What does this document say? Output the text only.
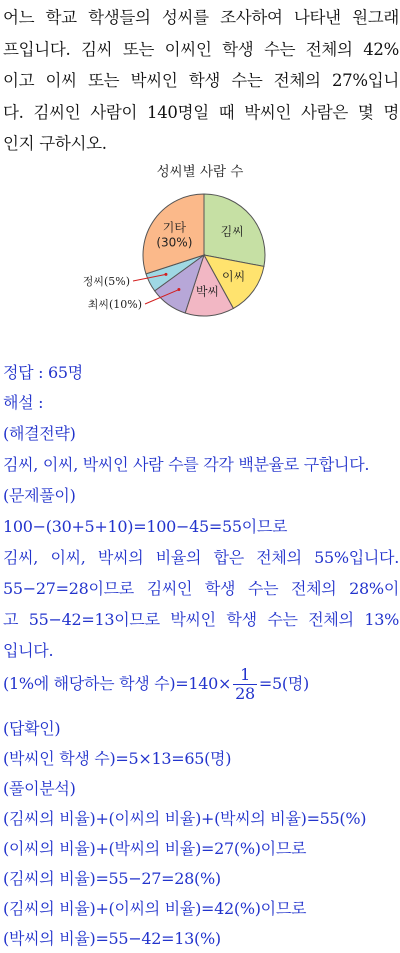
어느 학교 학생들의 성씨를 조사하여 나타낸 원그래
프입니다. 김씨 또는 이씨인 학생 수는 전체의 42%
이고 이씨 또는 박씨인 학생 수는 전체의 27%입니
다. 김씨인 사람이 140명일 때 박씨인 사람은 몇 명
인지 구하시오.
성씨별 사람 수
김씨
이씨
박씨
기타
(30%)
최씨(10%)
정씨(5%)
정답 : 65명
해설 :
(해결전략)
김씨, 이씨, 박씨인 사람 수를 각각 백분율로 구합니다.
(문제풀이)
100−(30+5+10)=100−45=55이므로
김씨, 이씨, 박씨의 비율의 합은 전체의 55%입니다.
55−27=28이므로 김씨인 학생 수는 전체의 28%이
고 55−42=13이므로 박씨인 학생 수는 전체의 13%
입니다.
(1%에 해당하는 학생 수)$=140\times \frac{1}{28} =5$(명)
(답확인)
(박씨인 학생 수)=5×13=65(명)
(풀이분석)
(김씨의 비율)+(이씨의 비율)+(박씨의 비율)=55(%)
(이씨의 비율)+(박씨의 비율)=27(%)이므로
(김씨의 비율)=55−27=28(%)
(김씨의 비율)+(이씨의 비율)=42(%)이므로
(박씨의 비율)=55−42=13(%)
